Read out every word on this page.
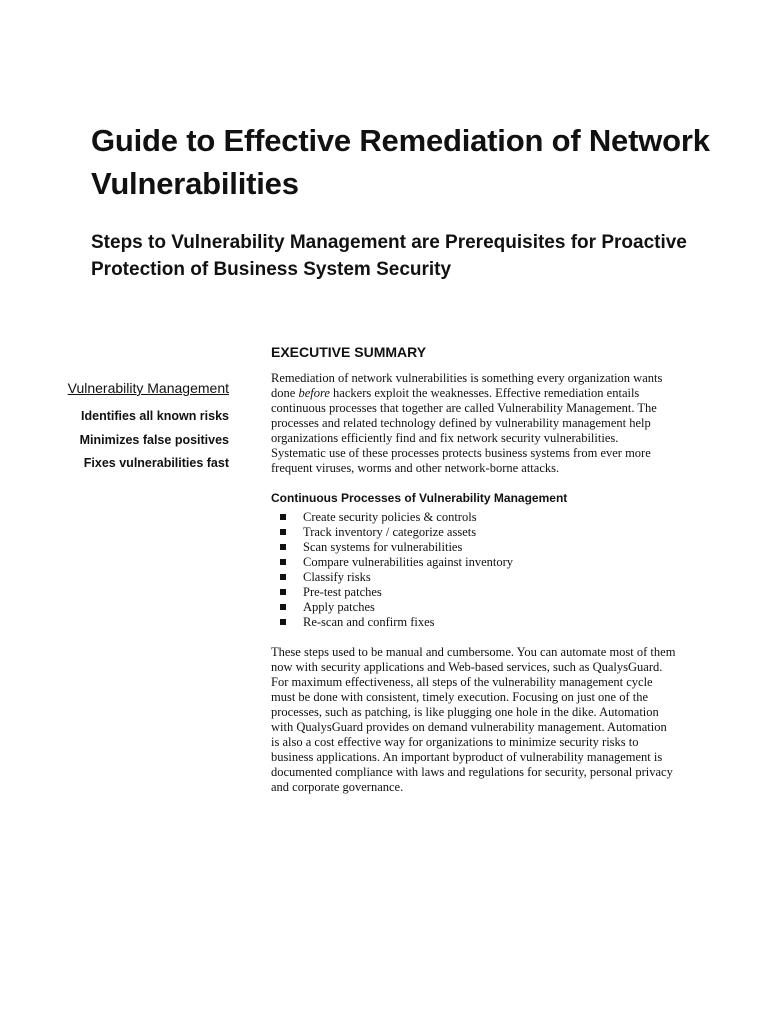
Guide to Effective Remediation of Network Vulnerabilities
Steps to Vulnerability Management are Prerequisites for Proactive Protection of Business System Security
Vulnerability Management
Identifies all known risks
Minimizes false positives
Fixes vulnerabilities fast
EXECUTIVE SUMMARY

Remediation of network vulnerabilities is something every organization wants done before hackers exploit the weaknesses. Effective remediation entails continuous processes that together are called Vulnerability Management. The processes and related technology defined by vulnerability management help organizations efficiently find and fix network security vulnerabilities. Systematic use of these processes protects business systems from ever more frequent viruses, worms and other network-borne attacks.

Continuous Processes of Vulnerability Management
Create security policies & controls
Track inventory / categorize assets
Scan systems for vulnerabilities
Compare vulnerabilities against inventory
Classify risks
Pre-test patches
Apply patches
Re-scan and confirm fixes

These steps used to be manual and cumbersome. You can automate most of them now with security applications and Web-based services, such as QualysGuard. For maximum effectiveness, all steps of the vulnerability management cycle must be done with consistent, timely execution. Focusing on just one of the processes, such as patching, is like plugging one hole in the dike. Automation with QualysGuard provides on demand vulnerability management. Automation is also a cost effective way for organizations to minimize security risks to business applications. An important byproduct of vulnerability management is documented compliance with laws and regulations for security, personal privacy and corporate governance.
